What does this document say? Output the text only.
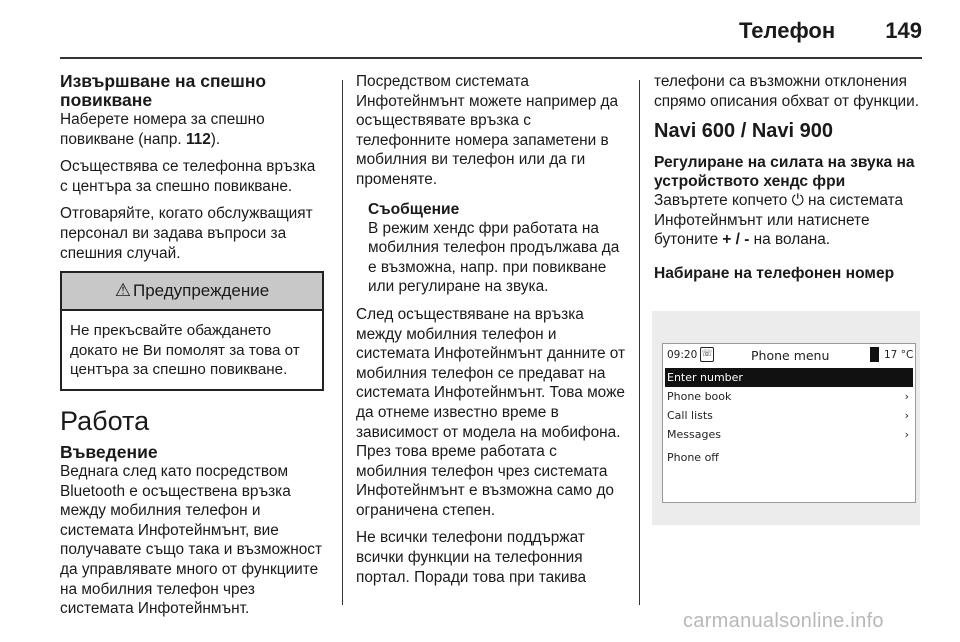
Телефон 149
Извършване на спешно повикване

Наберете номера за спешно повикване (напр. 112).

Осъществява се телефонна връзка с центъра за спешно повикване.

Отговаряйте, когато обслужващият персонал ви задава въпроси за спешния случай.

⚠ Предупреждение
Не прекъсвайте обаждането докато не Ви помолят за това от центъра за спешно повикване.
Работа
Въведение

Веднага след като посредством Bluetooth е осъществена връзка между мобилния телефон и системата Инфотейнмънт, вие получавате също така и възможност да управлявате много от функциите на мобилния телефон чрез системата Инфотейнмънт.

Посредством системата Инфотейнмънт можете например да осъществявате връзка с телефонните номера запаметени в мобилния ви телефон или да ги променяте.

Съобщение
В режим хендс фри работата на мобилния телефон продължава да е възможна, напр. при повикване или регулиране на звука.

След осъществяване на връзка между мобилния телефон и системата Инфотейнмънт данните от мобилния телефон се предават на системата Инфотейнмънт. Това може да отнеме известно време в зависимост от модела на мобифона. През това време работата с мобилния телефон чрез системата Инфотейнмънт е възможна само до ограничена степен.

Не всички телефони поддържат всички функции на телефонния портал. Поради това при такива

телефони са възможни отклонения спрямо описания обхват от функции.

Navi 600 / Navi 900
Регулиране на силата на звука на устройството хендс фри

Завъртете копчето ⏻ на системата Инфотейнмънт или натиснете бутоните + / - на волана.

Набиране на телефонен номер
09:20 ☏	Phone menu	17 °C
Enter number
Phone book	›
Call lists	›
Messages	›
Phone off
carmanualsonline.info
